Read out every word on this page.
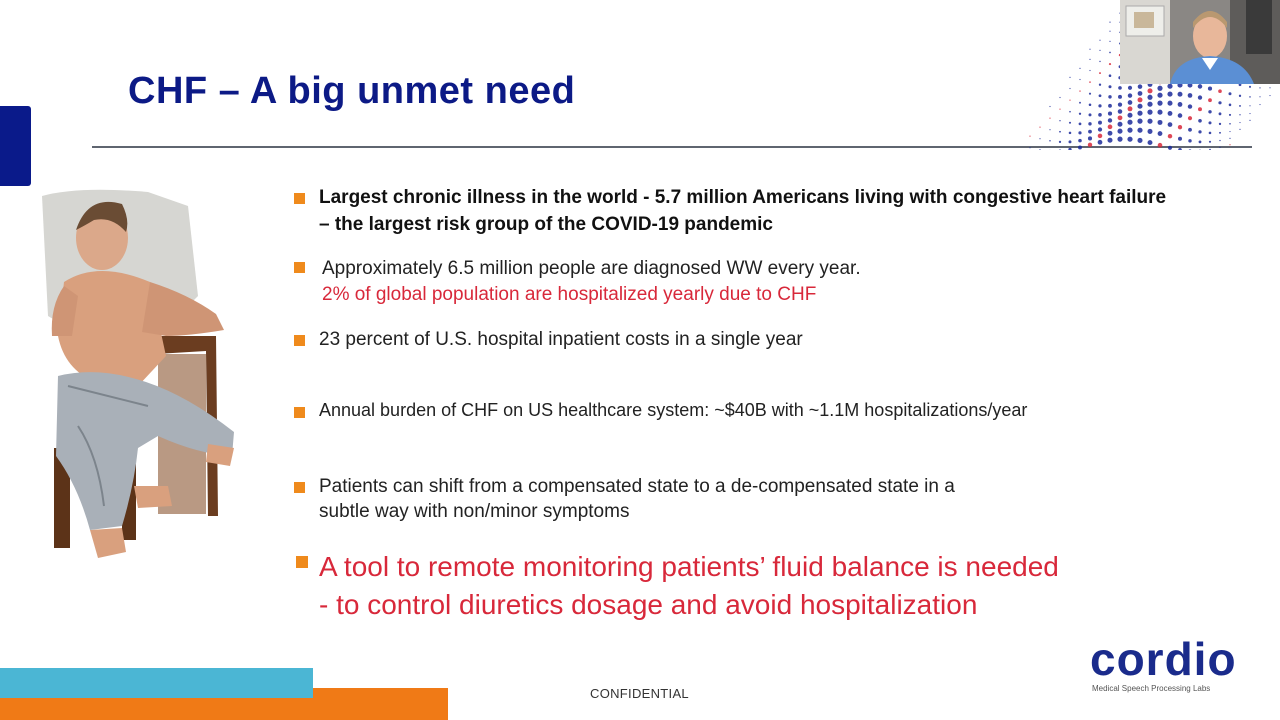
CHF – A big unmet need
Largest chronic illness in the world - 5.7 million Americans living with congestive heart failure
– the largest risk group of the COVID-19 pandemic
Approximately 6.5 million people are diagnosed WW every year.
2% of global population are hospitalized yearly due to CHF
23 percent of U.S. hospital inpatient costs in a single year
Annual burden of CHF on US healthcare system: ~$40B with ~1.1M hospitalizations/year
Patients can shift from a compensated state to a de-compensated state in a
subtle way with non/minor symptoms
A tool to remote monitoring patients’ fluid balance is needed
- to control diuretics dosage and avoid hospitalization
CONFIDENTIAL
cordio
Medical Speech Processing Labs
